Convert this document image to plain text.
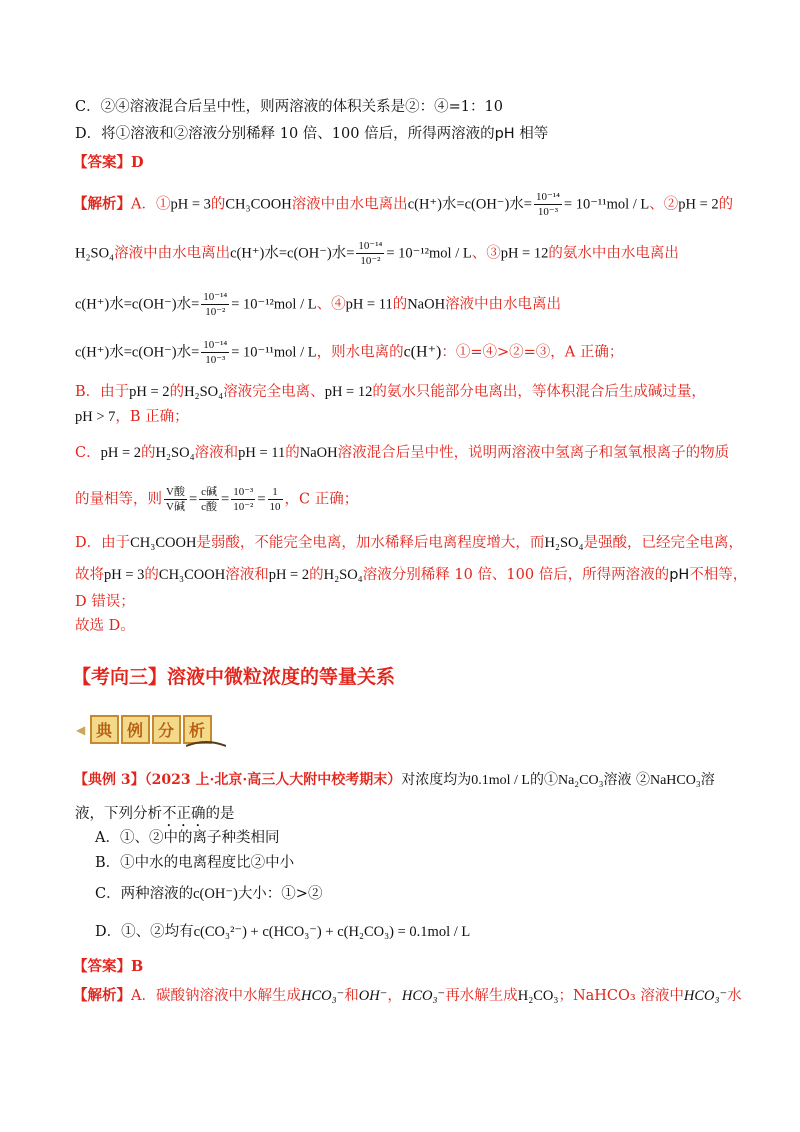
C．②④溶液混合后呈中性，则两溶液的体积关系是②：④=1：10
D．将①溶液和②溶液分别稀释 10 倍、100 倍后，所得两溶液的pH 相等
【答案】D
【解析】A．①pH = 3的CH₃COOH溶液中由水电离出c(H⁺)水=c(OH⁻)水= $\frac{\text{10⁻¹⁴}}{\text{10⁻³}} = 10^{-11}mol / L$、②pH = 2的
H₂SO₄溶液中由水电离出c(H⁺)水=c(OH⁻)水= $\frac{\text{10⁻¹⁴}}{\text{10⁻²}} = 10^{-12}mol / L$、③pH = 12的氨水中由水电离出
c(H⁺)水=c(OH⁻)水= $\frac{\text{10⁻¹⁴}}{\text{10⁻²}} = 10^{-12}mol / L$、④pH = 11的NaOH溶液中由水电离出
c(H⁺)水=c(OH⁻)水= $\frac{\text{10⁻¹⁴}}{\text{10⁻³}} = 10^{-11}mol / L$，则水电离的c(H⁺)：①=④>②=③，A 正确；
B．由于pH = 2的H₂SO₄溶液完全电离、pH = 12的氨水只能部分电离出，等体积混合后生成碱过量，
pH > 7，B 正确；
C．pH = 2的H₂SO₄溶液和pH = 11的NaOH溶液混合后呈中性，说明两溶液中氢离子和氢氧根离子的物质
的量相等，则 $\frac{\text{V酸}}{\text{V碱}} = \frac{\text{c碱}}{\text{c酸}} = \frac{\text{10⁻³}}{\text{10⁻²}} = \frac{1}{10}$ ，C 正确；
D．由于CH₃COOH是弱酸，不能完全电离，加水稀释后电离程度增大，而H₂SO₄是强酸，已经完全电离，
故将pH = 3的CH₃COOH溶液和pH = 2的H₂SO₄溶液分别稀释 10 倍、100 倍后，所得两溶液的pH不相等，
D 错误；
故选 D。
【考向三】溶液中微粒浓度的等量关系
◀ 典 例 分 析
【典例 3】（2023 上·北京·高三人大附中校考期末）对浓度均为0.1mol / L的①Na₂CO₃溶液 ②NaHCO₃溶
液，下列分析不正确的是
A．①、②中的离子种类相同
B．①中水的电离程度比②中小
C．两种溶液的c(OH⁻)大小：①>②
D．①、②均有c(CO₃²⁻) + c(HCO₃⁻) + c(H₂CO₃) = 0.1mol / L
【答案】B
【解析】A．碳酸钠溶液中水解生成HCO₃⁻和OH⁻，HCO₃⁻再水解生成H₂CO₃；NaHCO₃ 溶液中HCO₃⁻水
